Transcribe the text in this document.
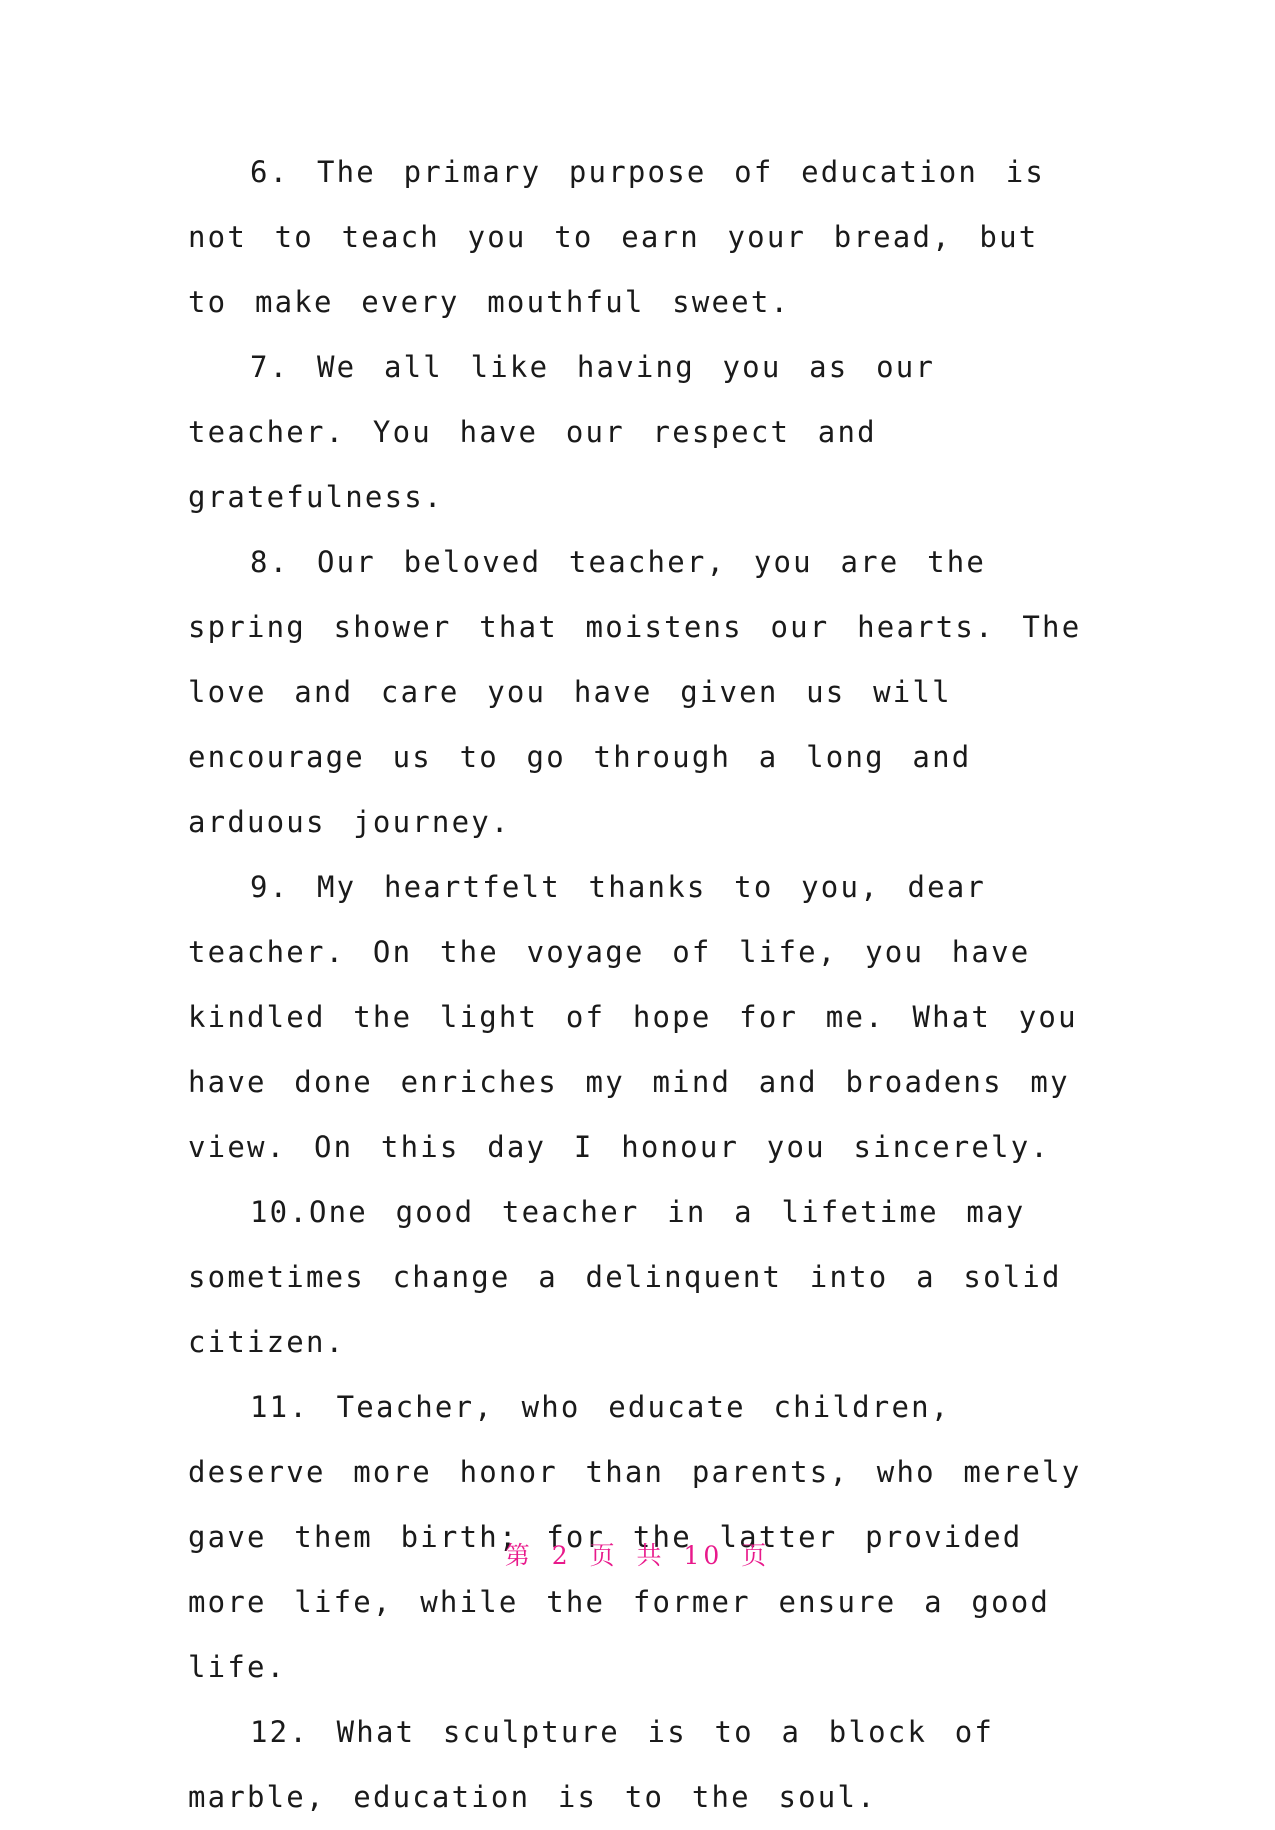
6. The primary purpose of education is not to teach you to earn your bread, but to make every mouthful sweet.

7. We all like having you as our teacher. You have our respect and gratefulness.

8. Our beloved teacher, you are the spring shower that moistens our hearts. The love and care you have given us will encourage us to go through a long and arduous journey.

9. My heartfelt thanks to you, dear teacher. On the voyage of life, you have kindled the light of hope for me. What you have done enriches my mind and broadens my view. On this day I honour you sincerely.

10.One good teacher in a lifetime may sometimes change a delinquent into a solid citizen.

11. Teacher, who educate children, deserve more honor than parents, who merely gave them birth; for the latter provided more life, while the former ensure a good life.

12. What sculpture is to a block of marble, education is to the soul.

第 2 页 共 10 页
